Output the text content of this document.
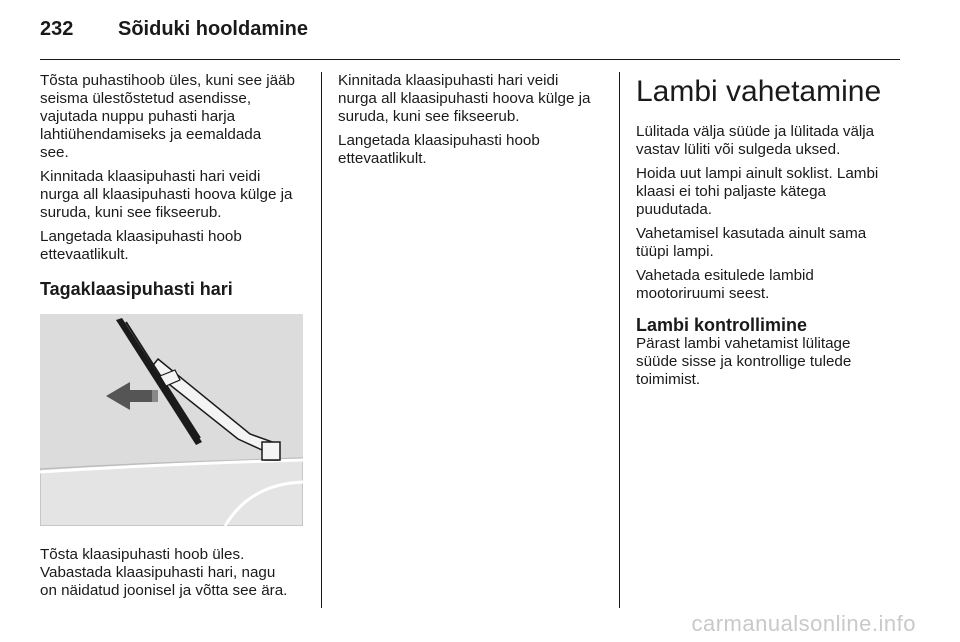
232 Sõiduki hooldamine

Tõsta puhastihoob üles, kuni see jääb
seisma ülestõstetud asendisse,
vajutada nuppu puhasti harja
lahtiühendamiseks ja eemaldada
see.

Kinnitada klaasipuhasti hari veidi
nurga all klaasipuhasti hoova külge ja
suruda, kuni see fikseerub.

Langetada klaasipuhasti hoob
ettevaatlikult.

Tagaklaasipuhasti hari

Tõsta klaasipuhasti hoob üles.
Vabastada klaasipuhasti hari, nagu
on näidatud joonisel ja võtta see ära.

Kinnitada klaasipuhasti hari veidi
nurga all klaasipuhasti hoova külge ja
suruda, kuni see fikseerub.

Langetada klaasipuhasti hoob
ettevaatlikult.

Lambi vahetamine

Lülitada välja süüde ja lülitada välja
vastav lüliti või sulgeda uksed.

Hoida uut lampi ainult soklist. Lambi
klaasi ei tohi paljaste kätega
puudutada.

Vahetamisel kasutada ainult sama
tüüpi lampi.

Vahetada esitulede lambid
mootoriruumi seest.

Lambi kontrollimine

Pärast lambi vahetamist lülitage
süüde sisse ja kontrollige tulede
toimimist.

carmanualsonline.info
